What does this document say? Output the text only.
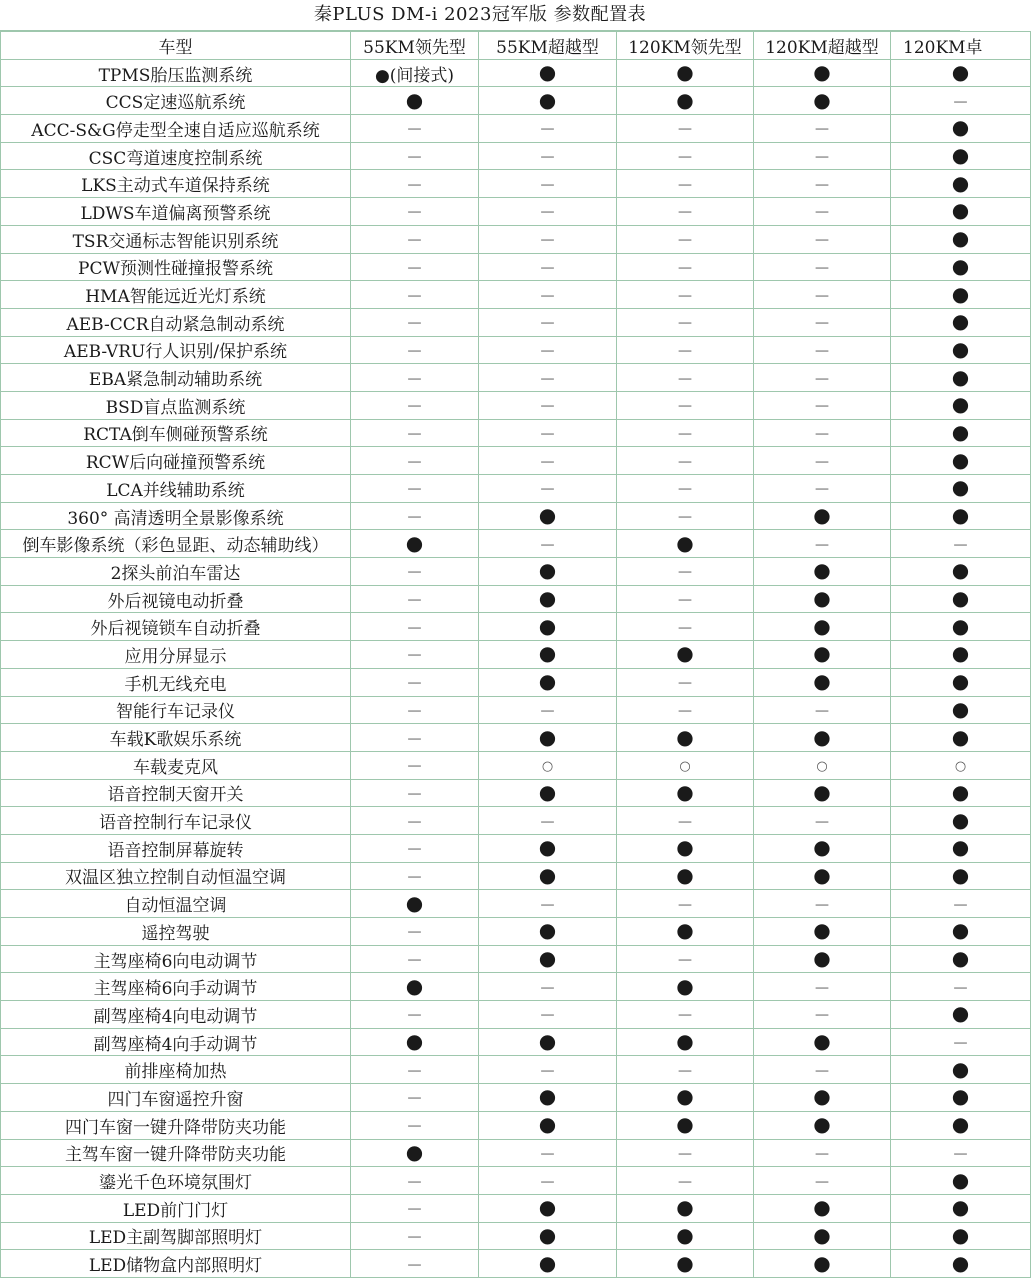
秦PLUS DM-i 2023冠军版 参数配置表
车型	55KM领先型	55KM超越型	120KM领先型	120KM超越型	120KM卓
TPMS胎压监测系统	●(间接式)	●	●	●	●
CCS定速巡航系统	●	●	●	●	—
ACC-S&G停走型全速自适应巡航系统	—	—	—	—	●
CSC弯道速度控制系统	—	—	—	—	●
LKS主动式车道保持系统	—	—	—	—	●
LDWS车道偏离预警系统	—	—	—	—	●
TSR交通标志智能识别系统	—	—	—	—	●
PCW预测性碰撞报警系统	—	—	—	—	●
HMA智能远近光灯系统	—	—	—	—	●
AEB-CCR自动紧急制动系统	—	—	—	—	●
AEB-VRU行人识别/保护系统	—	—	—	—	●
EBA紧急制动辅助系统	—	—	—	—	●
BSD盲点监测系统	—	—	—	—	●
RCTA倒车侧碰预警系统	—	—	—	—	●
RCW后向碰撞预警系统	—	—	—	—	●
LCA并线辅助系统	—	—	—	—	●
360° 高清透明全景影像系统	—	●	—	●	●
倒车影像系统（彩色显距、动态辅助线）	●	—	●	—	—
2探头前泊车雷达	—	●	—	●	●
外后视镜电动折叠	—	●	—	●	●
外后视镜锁车自动折叠	—	●	—	●	●
应用分屏显示	—	●	●	●	●
手机无线充电	—	●	—	●	●
智能行车记录仪	—	—	—	—	●
车载K歌娱乐系统	—	●	●	●	●
车载麦克风	—	○	○	○	○
语音控制天窗开关	—	●	●	●	●
语音控制行车记录仪	—	—	—	—	●
语音控制屏幕旋转	—	●	●	●	●
双温区独立控制自动恒温空调	—	●	●	●	●
自动恒温空调	●	—	—	—	—
遥控驾驶	—	●	●	●	●
主驾座椅6向电动调节	—	●	—	●	●
主驾座椅6向手动调节	●	—	●	—	—
副驾座椅4向电动调节	—	—	—	—	●
副驾座椅4向手动调节	●	●	●	●	—
前排座椅加热	—	—	—	—	●
四门车窗遥控升窗	—	●	●	●	●
四门车窗一键升降带防夹功能	—	●	●	●	●
主驾车窗一键升降带防夹功能	●	—	—	—	—
鎏光千色环境氛围灯	—	—	—	—	●
LED前门门灯	—	●	●	●	●
LED主副驾脚部照明灯	—	●	●	●	●
LED储物盒内部照明灯	—	●	●	●	●
